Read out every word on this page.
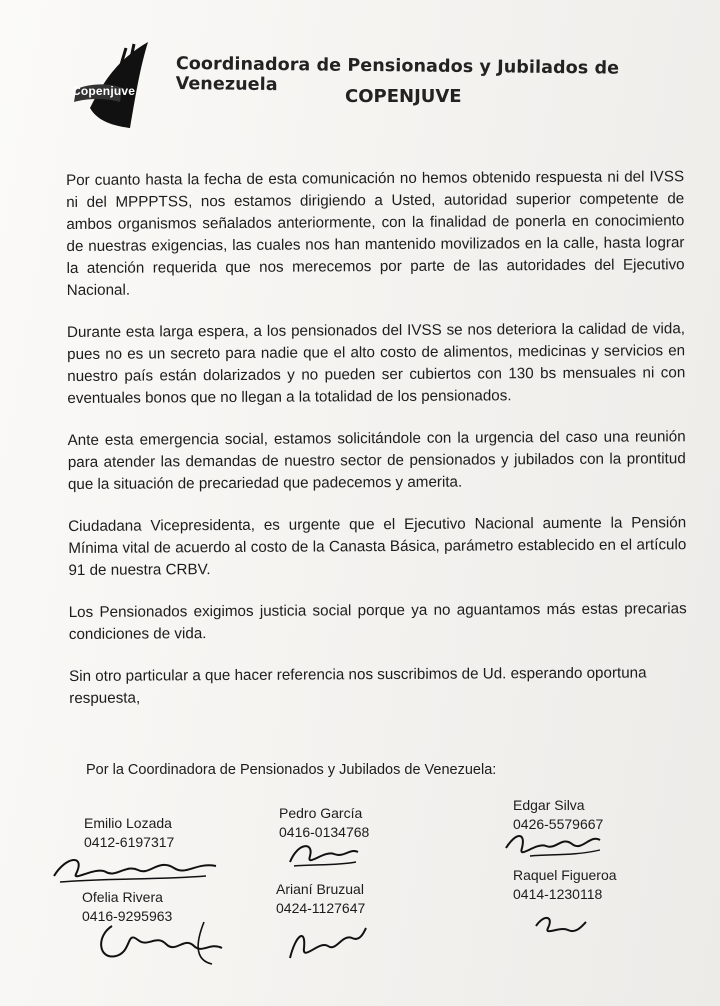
Copenjuve
Coordinadora de Pensionados y Jubilados de Venezuela
COPENJUVE

Por cuanto hasta la fecha de esta comunicación no hemos obtenido respuesta ni del IVSS ni del MPPPTSS, nos estamos dirigiendo a Usted, autoridad superior competente de ambos organismos señalados anteriormente, con la finalidad de ponerla en conocimiento de nuestras exigencias, las cuales nos han mantenido movilizados en la calle, hasta lograr la atención requerida que nos merecemos por parte de las autoridades del Ejecutivo Nacional.

Durante esta larga espera, a los pensionados del IVSS se nos deteriora la calidad de vida, pues no es un secreto para nadie que el alto costo de alimentos, medicinas y servicios en nuestro país están dolarizados y no pueden ser cubiertos con 130 bs mensuales ni con eventuales bonos que no llegan a la totalidad de los pensionados.

Ante esta emergencia social, estamos solicitándole con la urgencia del caso una reunión para atender las demandas de nuestro sector de pensionados y jubilados con la prontitud que la situación de precariedad que padecemos y amerita.

Ciudadana Vicepresidenta, es urgente que el Ejecutivo Nacional aumente la Pensión Mínima vital de acuerdo al costo de la Canasta Básica, parámetro establecido en el artículo 91 de nuestra CRBV.

Los Pensionados exigimos justicia social porque ya no aguantamos más estas precarias condiciones de vida.

Sin otro particular a que hacer referencia nos suscribimos de Ud. esperando oportuna respuesta,

Por la Coordinadora de Pensionados y Jubilados de Venezuela:
Emilio Lozada
0412-6197317
Pedro García
0416-0134768
Edgar Silva
0426-5579667
Ofelia Rivera
0416-9295963
Arianí Bruzual
0424-1127647
Raquel Figueroa
0414-1230118
